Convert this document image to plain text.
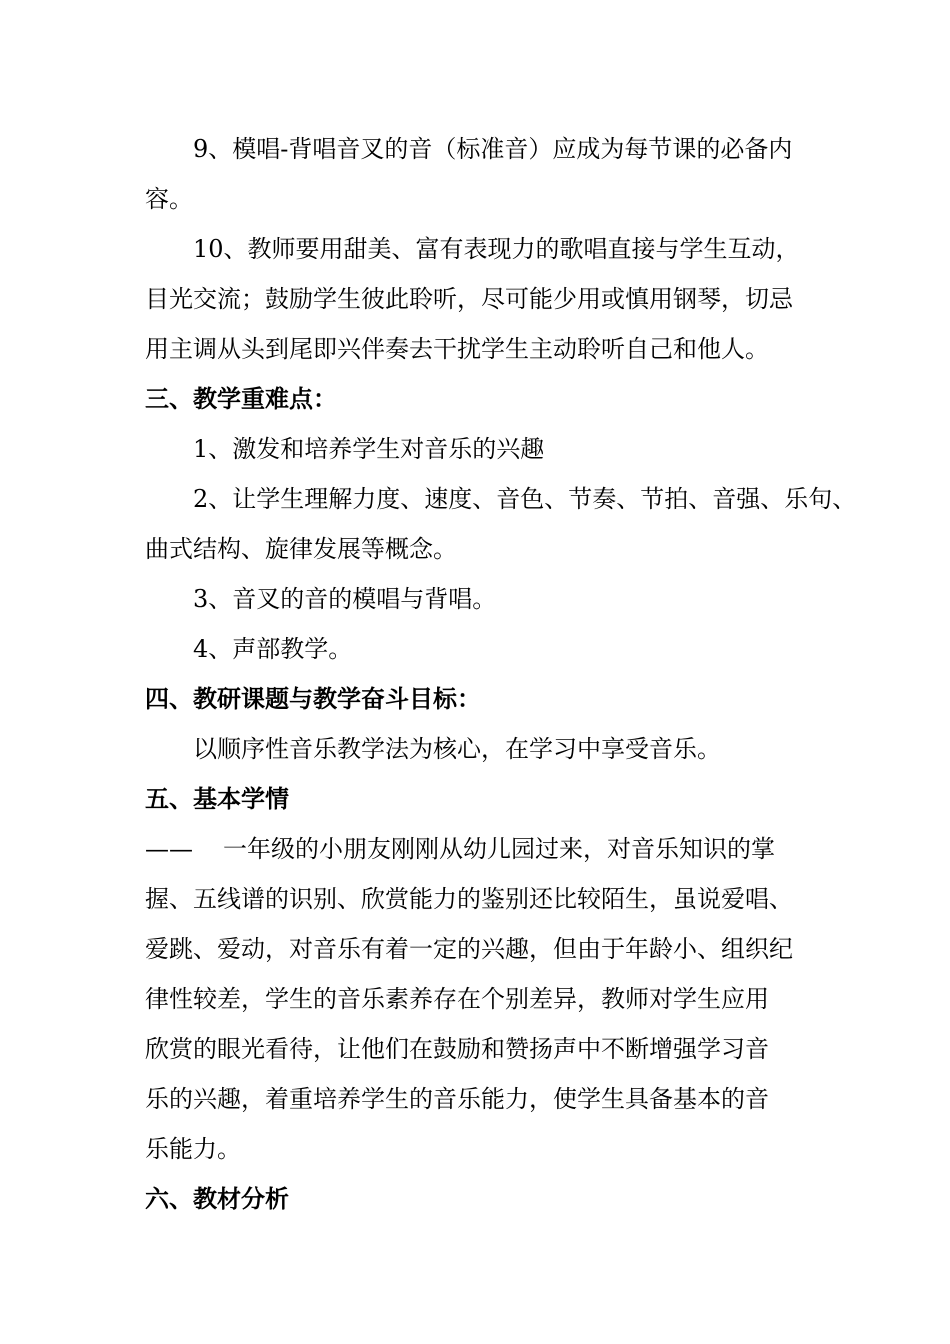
9、模唱-背唱音叉的音（标准音）应成为每节课的必备内
容。
10、教师要用甜美、富有表现力的歌唱直接与学生互动，
目光交流；鼓励学生彼此聆听，尽可能少用或慎用钢琴，切忌
用主调从头到尾即兴伴奏去干扰学生主动聆听自己和他人。
三、教学重难点：
1、激发和培养学生对音乐的兴趣
2、让学生理解力度、速度、音色、节奏、节拍、音强、乐句、
曲式结构、旋律发展等概念。
3、音叉的音的模唱与背唱。
4、声部教学。
四、教研课题与教学奋斗目标：
以顺序性音乐教学法为核心，在学习中享受音乐。
五、基本学情
—— 一年级的小朋友刚刚从幼儿园过来，对音乐知识的掌
握、五线谱的识别、欣赏能力的鉴别还比较陌生，虽说爱唱、
爱跳、爱动，对音乐有着一定的兴趣，但由于年龄小、组织纪
律性较差，学生的音乐素养存在个别差异，教师对学生应用
欣赏的眼光看待，让他们在鼓励和赞扬声中不断增强学习音
乐的兴趣，着重培养学生的音乐能力，使学生具备基本的音
乐能力。
六、教材分析
